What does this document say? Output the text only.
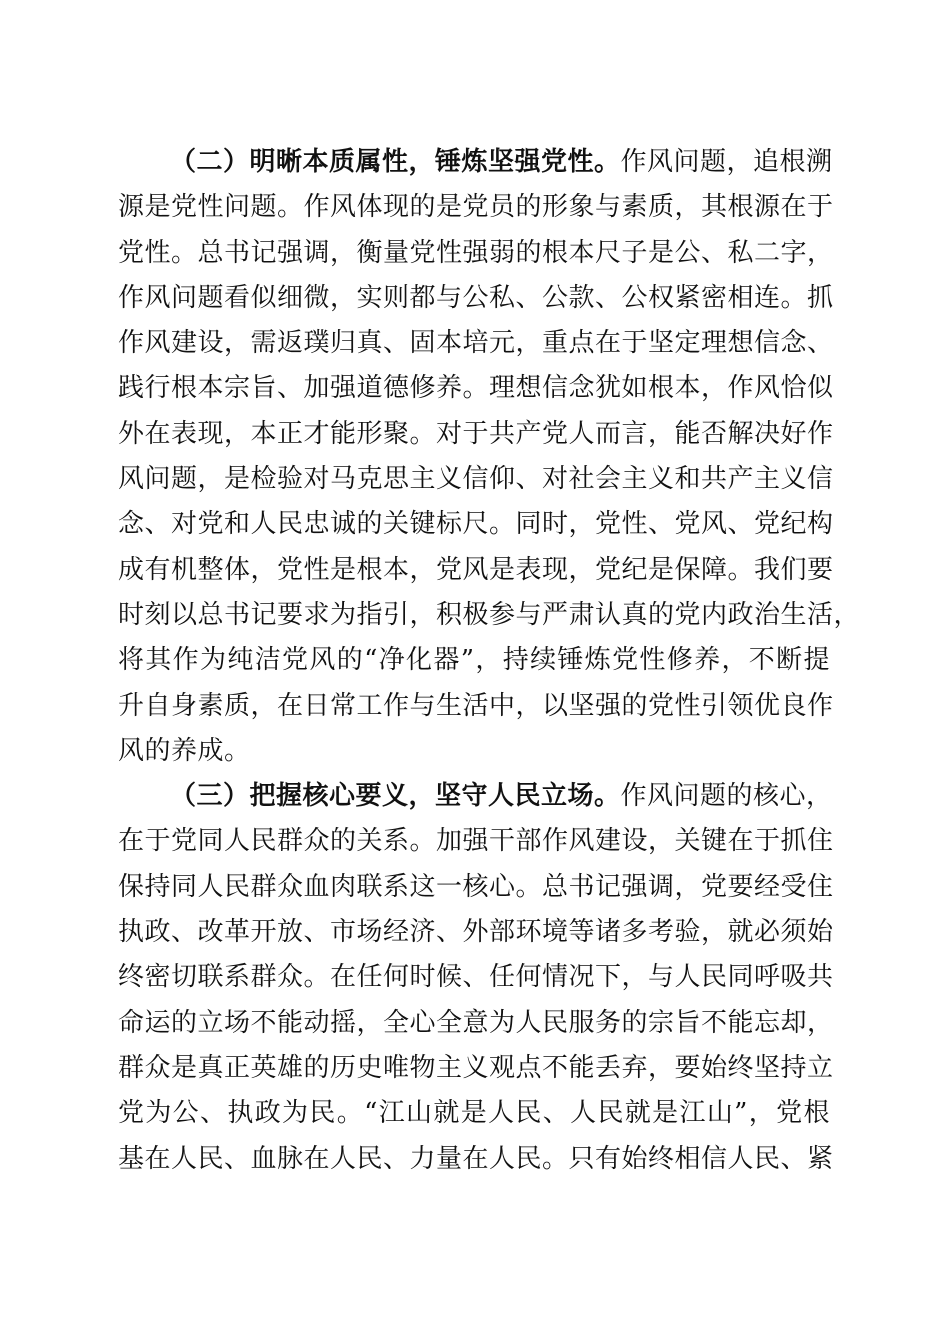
（二）明晰本质属性，锤炼坚强党性。作风问题，追根溯
源是党性问题。作风体现的是党员的形象与素质，其根源在于
党性。总书记强调，衡量党性强弱的根本尺子是公、私二字，
作风问题看似细微，实则都与公私、公款、公权紧密相连。抓
作风建设，需返璞归真、固本培元，重点在于坚定理想信念、
践行根本宗旨、加强道德修养。理想信念犹如根本，作风恰似
外在表现，本正才能形聚。对于共产党人而言，能否解决好作
风问题，是检验对马克思主义信仰、对社会主义和共产主义信
念、对党和人民忠诚的关键标尺。同时，党性、党风、党纪构
成有机整体，党性是根本，党风是表现，党纪是保障。我们要
时刻以总书记要求为指引，积极参与严肃认真的党内政治生活，
将其作为纯洁党风的“净化器”，持续锤炼党性修养，不断提
升自身素质，在日常工作与生活中，以坚强的党性引领优良作
风的养成。
（三）把握核心要义，坚守人民立场。作风问题的核心，
在于党同人民群众的关系。加强干部作风建设，关键在于抓住
保持同人民群众血肉联系这一核心。总书记强调，党要经受住
执政、改革开放、市场经济、外部环境等诸多考验，就必须始
终密切联系群众。在任何时候、任何情况下，与人民同呼吸共
命运的立场不能动摇，全心全意为人民服务的宗旨不能忘却，
群众是真正英雄的历史唯物主义观点不能丢弃，要始终坚持立
党为公、执政为民。“江山就是人民、人民就是江山”，党根
基在人民、血脉在人民、力量在人民。只有始终相信人民、紧
